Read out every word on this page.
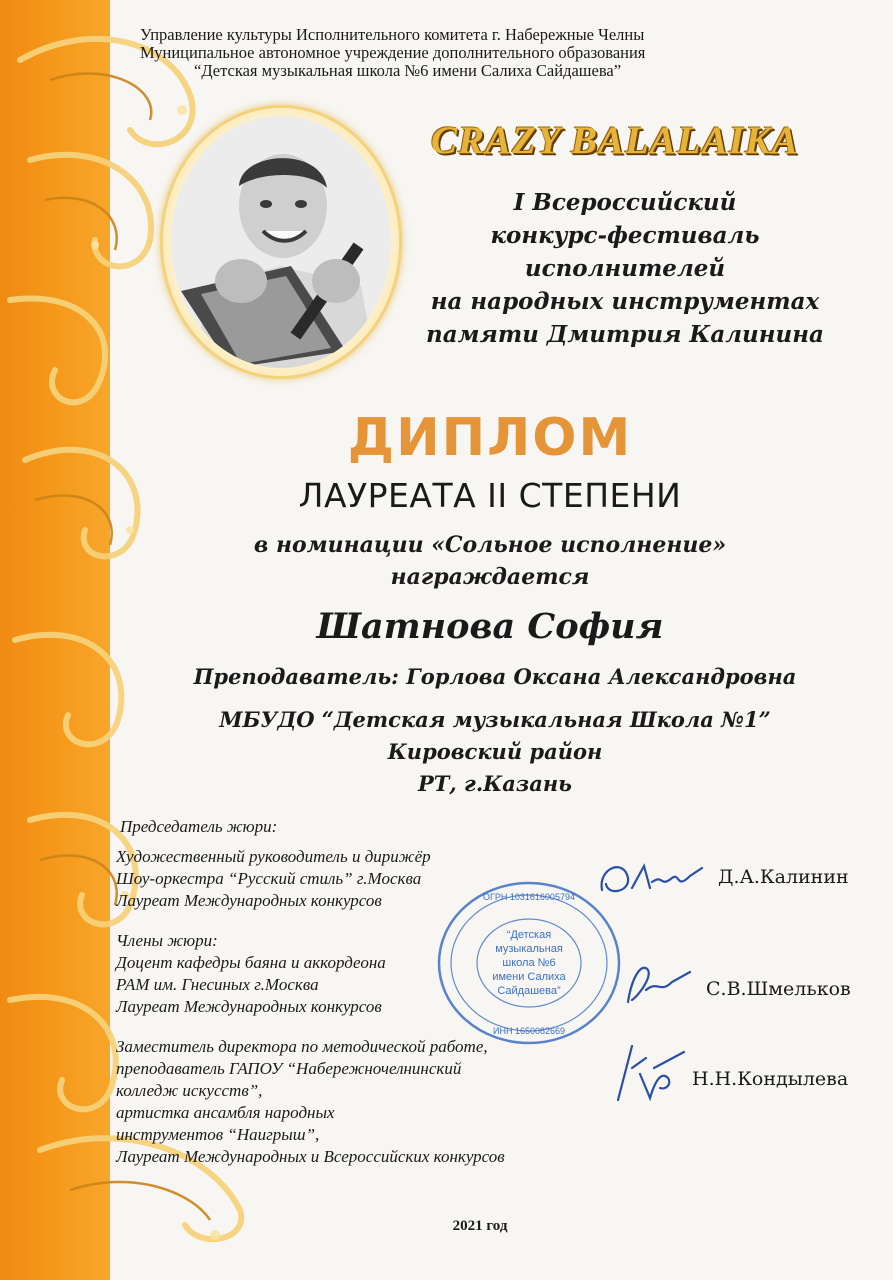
Управление культуры Исполнительного комитета г. Набережные Челны
Муниципальное автономное учреждение дополнительного образования
“Детская музыкальная школа №6 имени Салиха Сайдашева”
CRAZY BALALAIKA
I Всероссийский
конкурс-фестиваль
исполнителей
на народных инструментах
памяти Дмитрия Калинина
ДИПЛОМ
ЛАУРЕАТА II СТЕПЕНИ
в номинации «Сольное исполнение»
награждается
Шатнова София
Преподаватель: Горлова Оксана Александровна
МБУДО “Детская музыкальная Школа №1”
Кировский район
РТ, г.Казань
ОГРН 1031616005794
ИНН 1650082669
“Детская
музыкальная
школа №6
имени Салиха
Сайдашева”
Председатель жюри:
Художественный руководитель и дирижёр
Шоу-оркестра “Русский стиль” г.Москва
Лауреат Международных конкурсов
Члены жюри:
Доцент кафедры баяна и аккордеона
РАМ им. Гнесиных г.Москва
Лауреат Международных конкурсов
Заместитель директора по методической работе,
преподаватель ГАПОУ “Набережночелнинский
колледж искусств”,
артистка ансамбля народных
инструментов “Наигрыш”,
Лауреат Международных и Всероссийских конкурсов
Д.А.Калинин
С.В.Шмельков
Н.Н.Кондылева
2021 год
